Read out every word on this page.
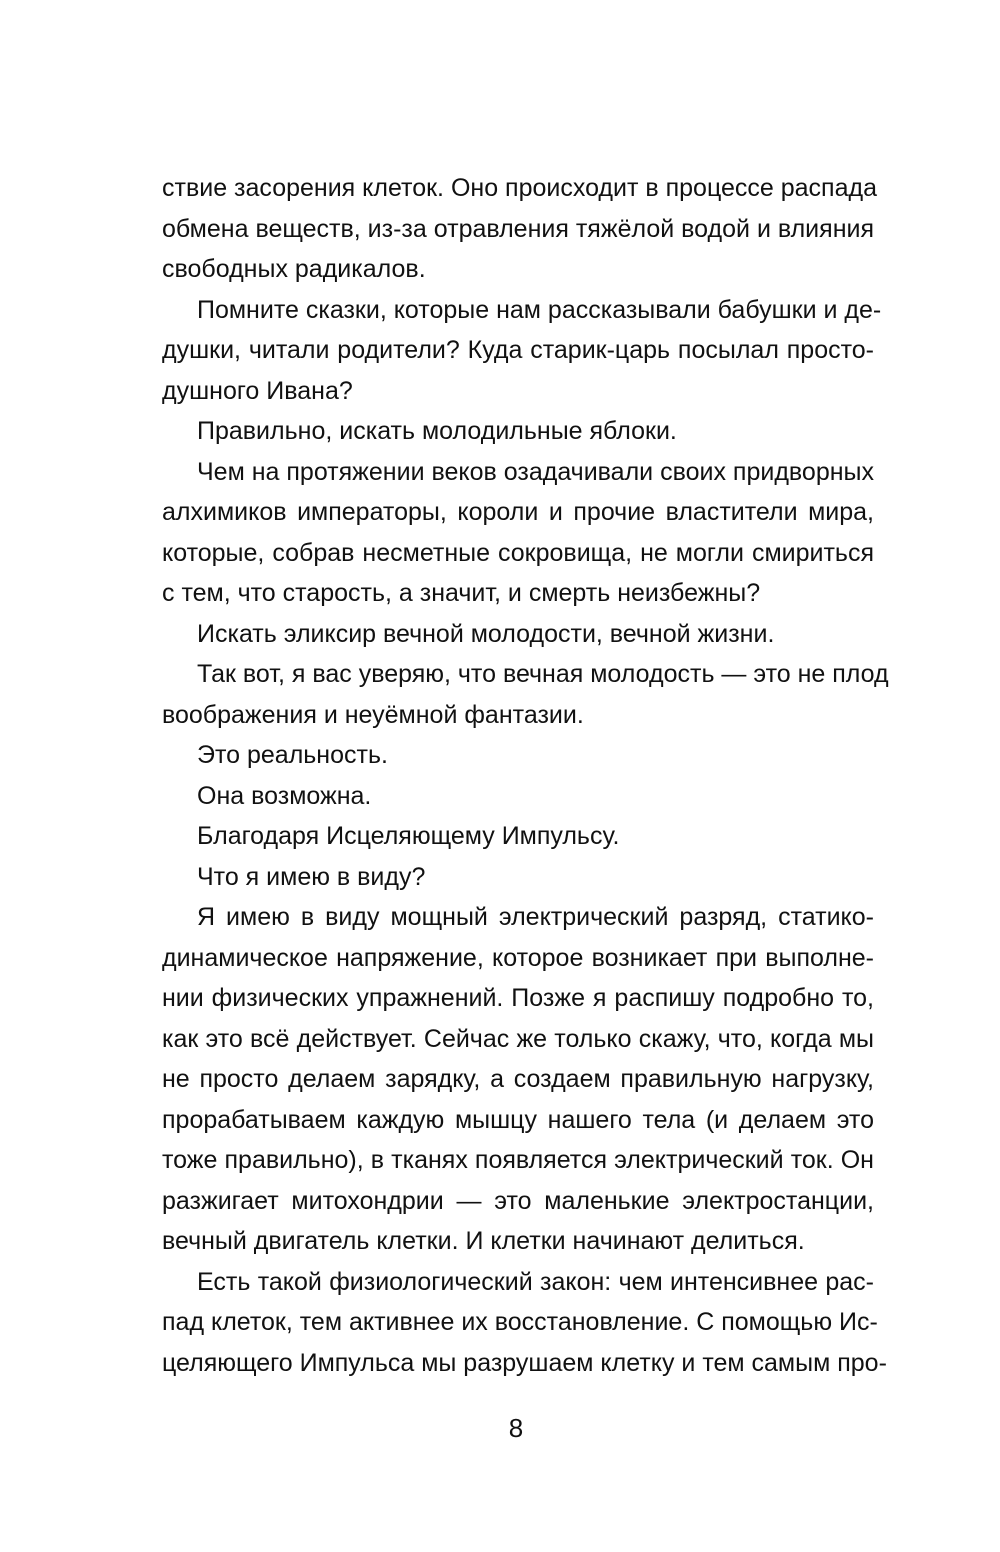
ствие засорения клеток. Оно происходит в процессе распада
обмена веществ, из-за отравления тяжёлой водой и влияния
свободных радикалов.
Помните сказки, которые нам рассказывали бабушки и де-
душки, читали родители? Куда старик-царь посылал просто-
душного Ивана?
Правильно, искать молодильные яблоки.
Чем на протяжении веков озадачивали своих придворных
алхимиков императоры, короли и прочие властители мира,
которые, собрав несметные сокровища, не могли смириться
с тем, что старость, а значит, и смерть неизбежны?
Искать эликсир вечной молодости, вечной жизни.
Так вот, я вас уверяю, что вечная молодость — это не плод
воображения и неуёмной фантазии.
Это реальность.
Она возможна.
Благодаря Исцеляющему Импульсу.
Что я имею в виду?
Я имею в виду мощный электрический разряд, статико-
динамическое напряжение, которое возникает при выполне-
нии физических упражнений. Позже я распишу подробно то,
как это всё действует. Сейчас же только скажу, что, когда мы
не просто делаем зарядку, а создаем правильную нагрузку,
прорабатываем каждую мышцу нашего тела (и делаем это
тоже правильно), в тканях появляется электрический ток. Он
разжигает митохондрии — это маленькие электростанции,
вечный двигатель клетки. И клетки начинают делиться.
Есть такой физиологический закон: чем интенсивнее рас-
пад клеток, тем активнее их восстановление. С помощью Ис-
целяющего Импульса мы разрушаем клетку и тем самым про-
8
